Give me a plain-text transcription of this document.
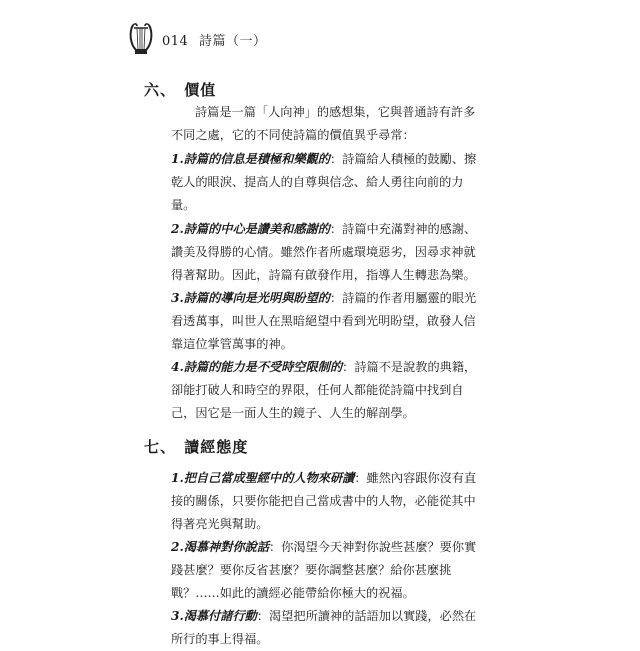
014 詩篇（一）
六、 價值
詩篇是一篇「人向神」的感想集，它與普通詩有許多不同之處，它的不同使詩篇的價值異乎尋常：
1.詩篇的信息是積極和樂觀的：詩篇給人積極的鼓勵、擦乾人的眼淚、提高人的自尊與信念、給人勇往向前的力量。
2.詩篇的中心是讚美和感謝的：詩篇中充滿對神的感謝、讚美及得勝的心情。雖然作者所處環境惡劣，因尋求神就得著幫助。因此，詩篇有啟發作用，指導人生轉悲為樂。
3.詩篇的導向是光明與盼望的：詩篇的作者用屬靈的眼光看透萬事，叫世人在黑暗絕望中看到光明盼望，啟發人信靠這位掌管萬事的神。
4.詩篇的能力是不受時空限制的：詩篇不是說教的典籍，卻能打破人和時空的界限，任何人都能從詩篇中找到自己，因它是一面人生的鏡子、人生的解剖學。
七、 讀經態度
1.把自己當成聖經中的人物來研讀：雖然內容跟你沒有直接的關係，只要你能把自己當成書中的人物，必能從其中得著亮光與幫助。
2.渴慕神對你說話：你渴望今天神對你說些甚麼？要你實踐甚麼？要你反省甚麼？要你調整甚麼？給你甚麼挑戰？……如此的讀經必能帶給你極大的祝福。
3.渴慕付諸行動：渴望把所讀神的話語加以實踐，必然在所行的事上得福。
